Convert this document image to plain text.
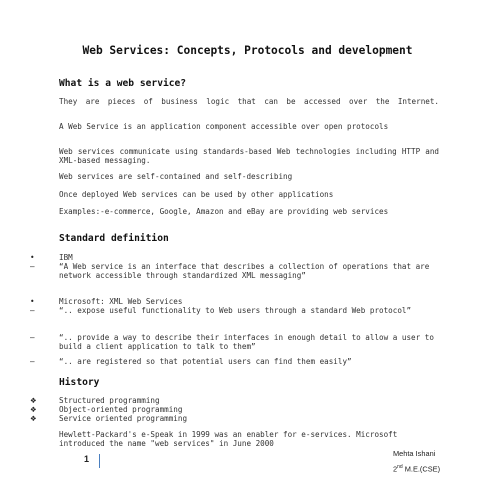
Web Services: Concepts, Protocols and development

What is a web service?

They are pieces of business logic that can be accessed over the Internet.

A Web Service is an application component accessible over open protocols

Web services communicate using standards-based Web technologies including HTTP and XML-based messaging.

Web services are self-contained and self-describing

Once deployed Web services can be used by other applications

Examples:-e-commerce, Google, Amazon and eBay are providing web services

Standard definition

•	IBM

–	“A Web service is an interface that describes a collection of operations that are network accessible through standardized XML messaging”

•	Microsoft: XML Web Services

–	“.. expose useful functionality to Web users through a standard Web protocol”

–	“.. provide a way to describe their interfaces in enough detail to allow a user to build a client application to talk to them”

–	“.. are registered so that potential users can find them easily”

History

❖	Structured programming

❖	Object-oriented programming

❖	Service oriented programming

Hewlett-Packard's e-Speak in 1999 was an enabler for e-services. Microsoft introduced the name "web services" in June 2000

1
Mehta Ishani
2nd M.E.(CSE)
